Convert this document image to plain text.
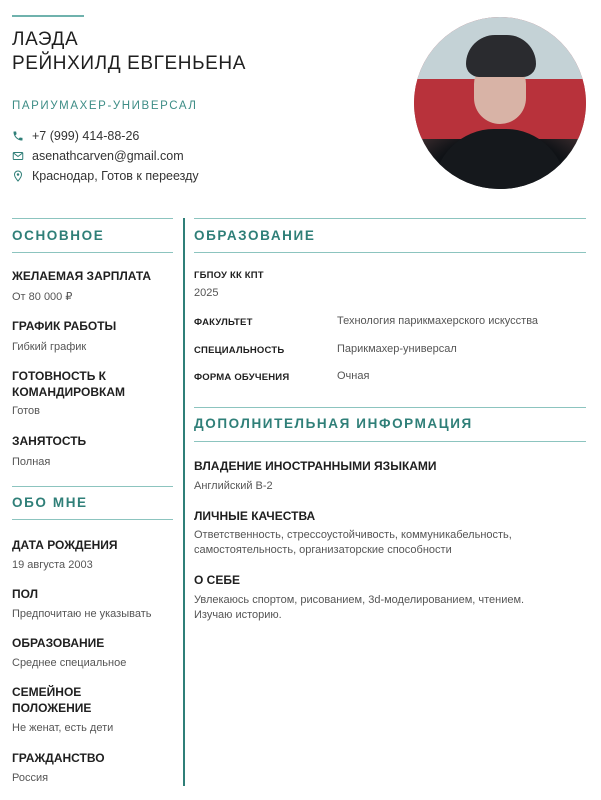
ЛАЭДА
РЕЙНХИЛД ЕВГЕНЬЕНА
ПАРИУМАХЕР-УНИВЕРСАЛ
+7 (999) 414-88-26
asenathcarven@gmail.com
Краснодар, Готов к переезду
ОСНОВНОЕ
ЖЕЛАЕМАЯ ЗАРПЛАТА
От 80 000 ₽
ГРАФИК РАБОТЫ
Гибкий график
ГОТОВНОСТЬ К
КОМАНДИРОВКАМ
Готов
ЗАНЯТОСТЬ
Полная
ОБО МНЕ
ДАТА РОЖДЕНИЯ
19 августа 2003
ПОЛ
Предпочитаю не указывать
ОБРАЗОВАНИЕ
Среднее специальное
СЕМЕЙНОЕ
ПОЛОЖЕНИЕ
Не женат, есть дети
ГРАЖДАНСТВО
Россия
ОБРАЗОВАНИЕ
ГБПОУ КК КПТ
2025
ФАКУЛЬТЕТ	Технология парикмахерского искусства
СПЕЦИАЛЬНОСТЬ	Парикмахер-универсал
ФОРМА ОБУЧЕНИЯ	Очная
ДОПОЛНИТЕЛЬНАЯ ИНФОРМАЦИЯ
ВЛАДЕНИЕ ИНОСТРАННЫМИ ЯЗЫКАМИ
Английский B-2
ЛИЧНЫЕ КАЧЕСТВА
Ответственность, стрессоустойчивость, коммуникабельность,
самостоятельность, организаторские способности
О СЕБЕ
Увлекаюсь спортом, рисованием, 3d-моделированием, чтением.
Изучаю историю.
